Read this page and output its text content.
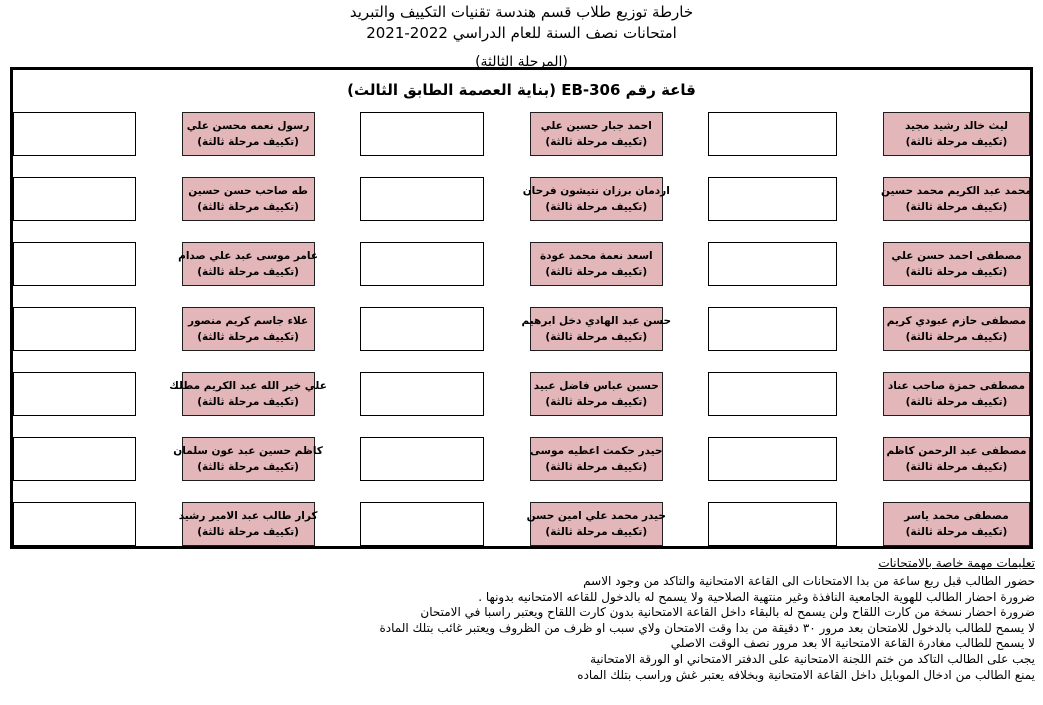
خارطة توزيع طلاب قسم هندسة تقنيات التكييف والتبريد
امتحانات نصف السنة للعام الدراسي 2022-2021
(المرحلة الثالثة)
قاعة رقم EB-306 (بناية العصمة الطابق الثالث)
رسول نعمه محسن علي
(تكييف مرحلة ثالثة)
احمد جبار حسين علي
(تكييف مرحلة ثالثة)
ليث خالد رشيد مجيد
(تكييف مرحلة ثالثة)
طه صاحب حسن حسين
(تكييف مرحلة ثالثة)
اردمان برزان نتيشون فرحان
(تكييف مرحلة ثالثة)
محمد عبد الكريم محمد حسين
(تكييف مرحلة ثالثة)
عامر موسى عبد علي صدام
(تكييف مرحلة ثالثة)
اسعد نعمة محمد عودة
(تكييف مرحلة ثالثة)
مصطفى احمد حسن علي
(تكييف مرحلة ثالثة)
علاء جاسم كريم منصور
(تكييف مرحلة ثالثة)
حسن عبد الهادي دخل ابرهيم
(تكييف مرحلة ثالثة)
مصطفى حازم عبودي كريم
(تكييف مرحلة ثالثة)
علي خير الله عبد الكريم مطلك
(تكييف مرحلة ثالثة)
حسين عباس فاضل عبيد
(تكييف مرحلة ثالثة)
مصطفى حمزة صاحب عناد
(تكييف مرحلة ثالثة)
كاظم حسين عبد عون سلمان
(تكييف مرحلة ثالثة)
حيدر حكمت اعطيه موسى
(تكييف مرحلة ثالثة)
مصطفى عبد الرحمن كاظم
(تكييف مرحلة ثالثة)
كرار طالب عبد الامير رشيد
(تكييف مرحلة ثالثة)
حيدر محمد علي امين حسن
(تكييف مرحلة ثالثة)
مصطفى محمد ياسر
(تكييف مرحلة ثالثة)
تعليمات مهمة خاصة بالامتحانات
حضور الطالب قبل ربع ساعة من بدا الامتحانات الى القاعة الامتحانية والتاكد من وجود الاسم
ضرورة احضار الطالب للهوية الجامعية النافذة وغير منتهية الصلاحية ولا يسمح له بالدخول للقاعه الامتحانيه بدونها .
ضرورة احضار نسخة من كارت اللقاح ولن يسمح له بالبقاء داخل القاعة الامتحانية بدون كارت اللقاح ويعتبر راسبا في الامتحان
لا يسمح للطالب بالدخول للامتحان بعد مرور ٣٠ دقيقة من بدا وقت الامتحان ولاي سبب او ظرف من الظروف ويعتبر غائب بتلك المادة
لا يسمح للطالب مغادرة القاعة الامتحانية الا بعد مرور نصف الوقت الاصلي
يجب على الطالب التاكد من ختم اللجنة الامتحانية على الدفتر الامتحاني او الورقة الامتحانية
يمنع الطالب من ادخال الموبايل داخل القاعة الامتحانية وبخلافه يعتبر غش وراسب بتلك الماده
